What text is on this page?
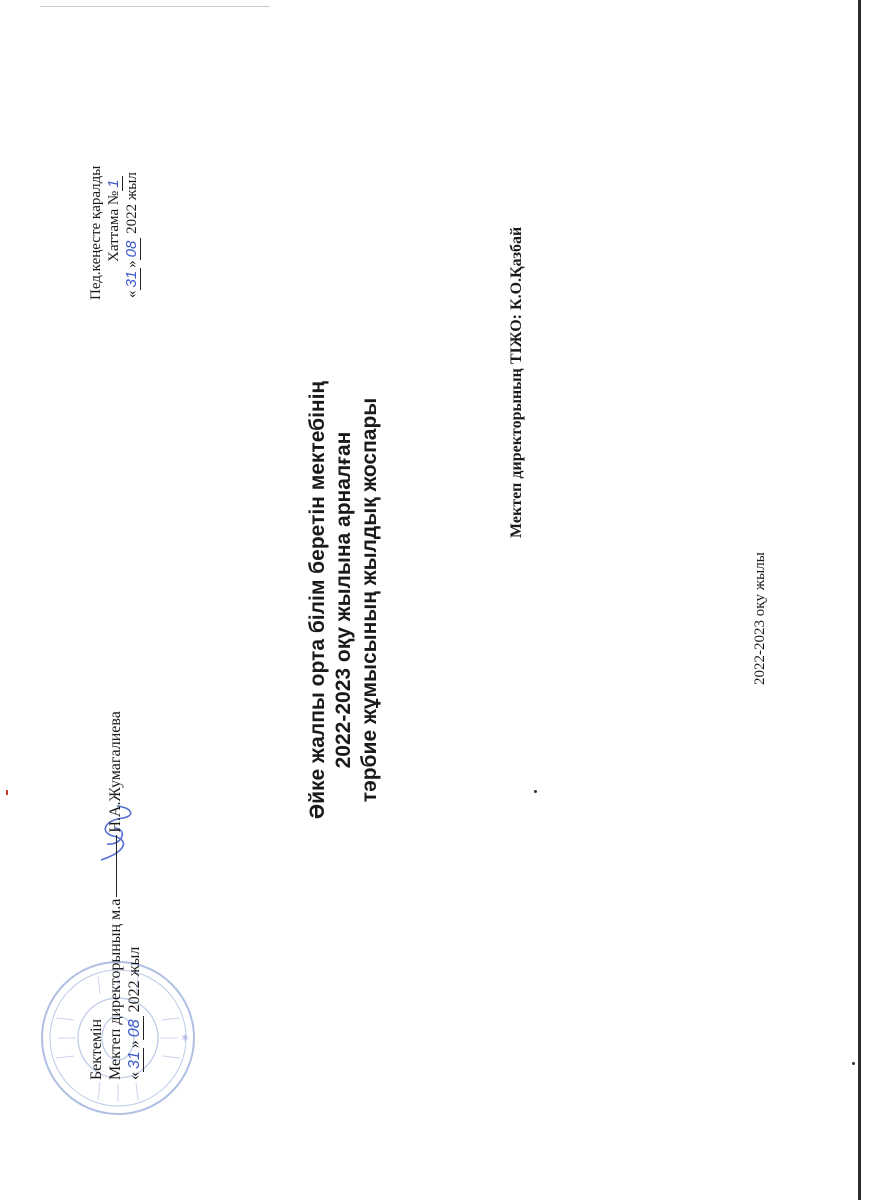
✶
Бектемін Мектеп директорының м.аН.А.Жумагалиева
«31»08 2022 жыл
Пед.кеңесте қаралды Хаттама №1
«31»08 2022 жыл
Әйке жалпы орта білім беретін мектебінің 2022-2023 оқу жылына арналған тәрбие жұмысының жылдық жоспары
Мектеп директорының ТІЖО: К.О.Қазбай
2022-2023 оқу жылы
